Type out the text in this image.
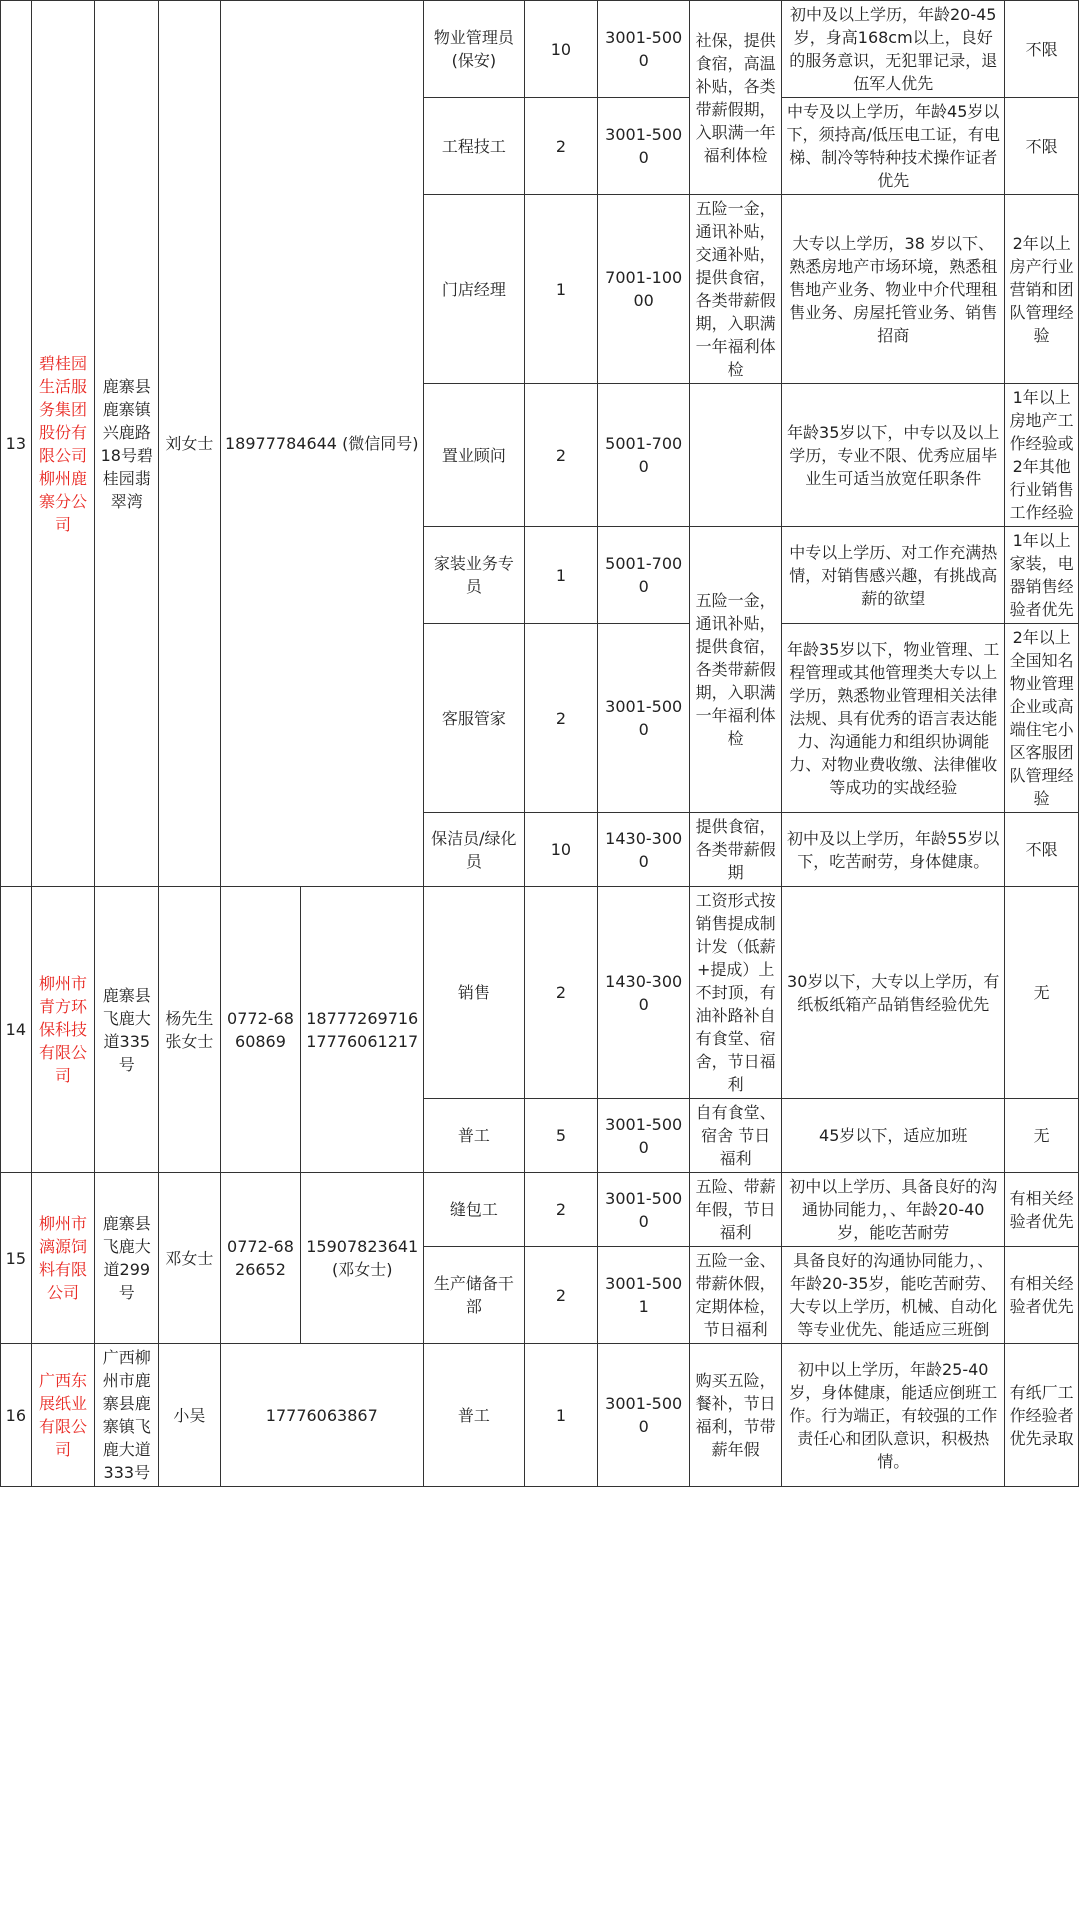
13	碧桂园生活服务集团股份有限公司柳州鹿寨分公司	鹿寨县鹿寨镇兴鹿路18号碧桂园翡翠湾	刘女士	18977784644 (微信同号)		物业管理员(保安)	10	3001-5000	社保，提供食宿，高温补贴，各类带薪假期，入职满一年福利体检	初中及以上学历，年龄20-45岁，身高168cm以上，良好的服务意识，无犯罪记录，退伍军人优先	不限
						工程技工	2	3001-5000		中专及以上学历，年龄45岁以下，须持高/低压电工证，有电梯、制冷等特种技术操作证者优先	不限
						门店经理	1	7001-10000	五险一金，通讯补贴，交通补贴，提供食宿，各类带薪假期，入职满一年福利体检	大专以上学历，38 岁以下、熟悉房地产市场环境，熟悉租售地产业务、物业中介代理租售业务、房屋托管业务、销售招商	2年以上房产行业营销和团队管理经验
						置业顾问	2	5001-7000		年龄35岁以下，中专以及以上学历，专业不限、优秀应届毕业生可适当放宽任职条件	1年以上房地产工作经验或2年其他行业销售工作经验
						家装业务专员	1	5001-7000	五险一金，通讯补贴，提供食宿，各类带薪假期，入职满一年福利体检	中专以上学历、对工作充满热情，对销售感兴趣，有挑战高薪的欲望	1年以上家装，电器销售经验者优先
						客服管家	2	3001-5000		年龄35岁以下，物业管理、工程管理或其他管理类大专以上学历，熟悉物业管理相关法律法规、具有优秀的语言表达能力、沟通能力和组织协调能力、对物业费收缴、法律催收等成功的实战经验	2年以上全国知名物业管理企业或高端住宅小区客服团队管理经验
						保洁员/绿化员	10	1430-3000	提供食宿，各类带薪假期	初中及以上学历，年龄55岁以下，吃苦耐劳，身体健康。	不限
14	柳州市青方环保科技有限公司	鹿寨县飞鹿大道335号	杨先生 张女士	0772-6860869	18777269716 17776061217	销售	2	1430-3000	工资形式按销售提成制计发（低薪+提成）上不封顶，有油补路补自有食堂、宿舍，节日福利	30岁以下，大专以上学历，有纸板纸箱产品销售经验优先	无
						普工	5	3001-5000	自有食堂、宿舍 节日福利	45岁以下，适应加班	无
15	柳州市漓源饲料有限公司	鹿寨县飞鹿大道299号	邓女士	0772-6826652	15907823641 (邓女士)	缝包工	2	3001-5000	五险、带薪年假，节日福利	初中以上学历、具备良好的沟通协同能力，、年龄20-40岁，能吃苦耐劳	有相关经验者优先
						生产储备干部	2	3001-5001	五险一金、带薪休假，定期体检，节日福利	具备良好的沟通协同能力，、年龄20-35岁，能吃苦耐劳、大专以上学历，机械、自动化等专业优先、能适应三班倒	有相关经验者优先
16	广西东展纸业有限公司	广西柳州市鹿寨县鹿寨镇飞鹿大道333号	小吴	17776063867		普工	1	3001-5000	购买五险，餐补，节日福利，节带薪年假	初中以上学历，年龄25-40岁，身体健康，能适应倒班工作。行为端正，有较强的工作责任心和团队意识，积极热情。	有纸厂工作经验者优先录取
